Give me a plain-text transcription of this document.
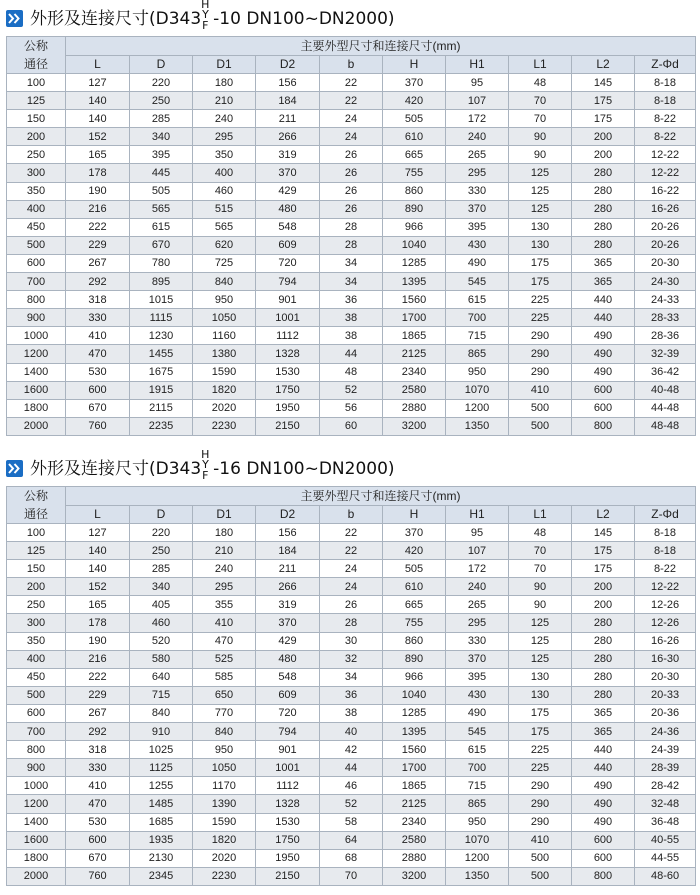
外形及连接尺寸(D343
H
Y
F -10 DN100~DN2000)
公称
通径	主要外型尺寸和连接尺寸(mm)									
	L	D	D1	D2	b	H	H1	L1	L2	Z-Φd
100	127	220	180	156	22	370	95	48	145	8-18
125	140	250	210	184	22	420	107	70	175	8-18
150	140	285	240	211	24	505	172	70	175	8-22
200	152	340	295	266	24	610	240	90	200	8-22
250	165	395	350	319	26	665	265	90	200	12-22
300	178	445	400	370	26	755	295	125	280	12-22
350	190	505	460	429	26	860	330	125	280	16-22
400	216	565	515	480	26	890	370	125	280	16-26
450	222	615	565	548	28	966	395	130	280	20-26
500	229	670	620	609	28	1040	430	130	280	20-26
600	267	780	725	720	34	1285	490	175	365	20-30
700	292	895	840	794	34	1395	545	175	365	24-30
800	318	1015	950	901	36	1560	615	225	440	24-33
900	330	1115	1050	1001	38	1700	700	225	440	28-33
1000	410	1230	1160	1112	38	1865	715	290	490	28-36
1200	470	1455	1380	1328	44	2125	865	290	490	32-39
1400	530	1675	1590	1530	48	2340	950	290	490	36-42
1600	600	1915	1820	1750	52	2580	1070	410	600	40-48
1800	670	2115	2020	1950	56	2880	1200	500	600	44-48
2000	760	2235	2230	2150	60	3200	1350	500	800	48-48
外形及连接尺寸(D343
H
Y
F -16 DN100~DN2000)
公称
通径	主要外型尺寸和连接尺寸(mm)									
	L	D	D1	D2	b	H	H1	L1	L2	Z-Φd
100	127	220	180	156	22	370	95	48	145	8-18
125	140	250	210	184	22	420	107	70	175	8-18
150	140	285	240	211	24	505	172	70	175	8-22
200	152	340	295	266	24	610	240	90	200	12-22
250	165	405	355	319	26	665	265	90	200	12-26
300	178	460	410	370	28	755	295	125	280	12-26
350	190	520	470	429	30	860	330	125	280	16-26
400	216	580	525	480	32	890	370	125	280	16-30
450	222	640	585	548	34	966	395	130	280	20-30
500	229	715	650	609	36	1040	430	130	280	20-33
600	267	840	770	720	38	1285	490	175	365	20-36
700	292	910	840	794	40	1395	545	175	365	24-36
800	318	1025	950	901	42	1560	615	225	440	24-39
900	330	1125	1050	1001	44	1700	700	225	440	28-39
1000	410	1255	1170	1112	46	1865	715	290	490	28-42
1200	470	1485	1390	1328	52	2125	865	290	490	32-48
1400	530	1685	1590	1530	58	2340	950	290	490	36-48
1600	600	1935	1820	1750	64	2580	1070	410	600	40-55
1800	670	2130	2020	1950	68	2880	1200	500	600	44-55
2000	760	2345	2230	2150	70	3200	1350	500	800	48-60
